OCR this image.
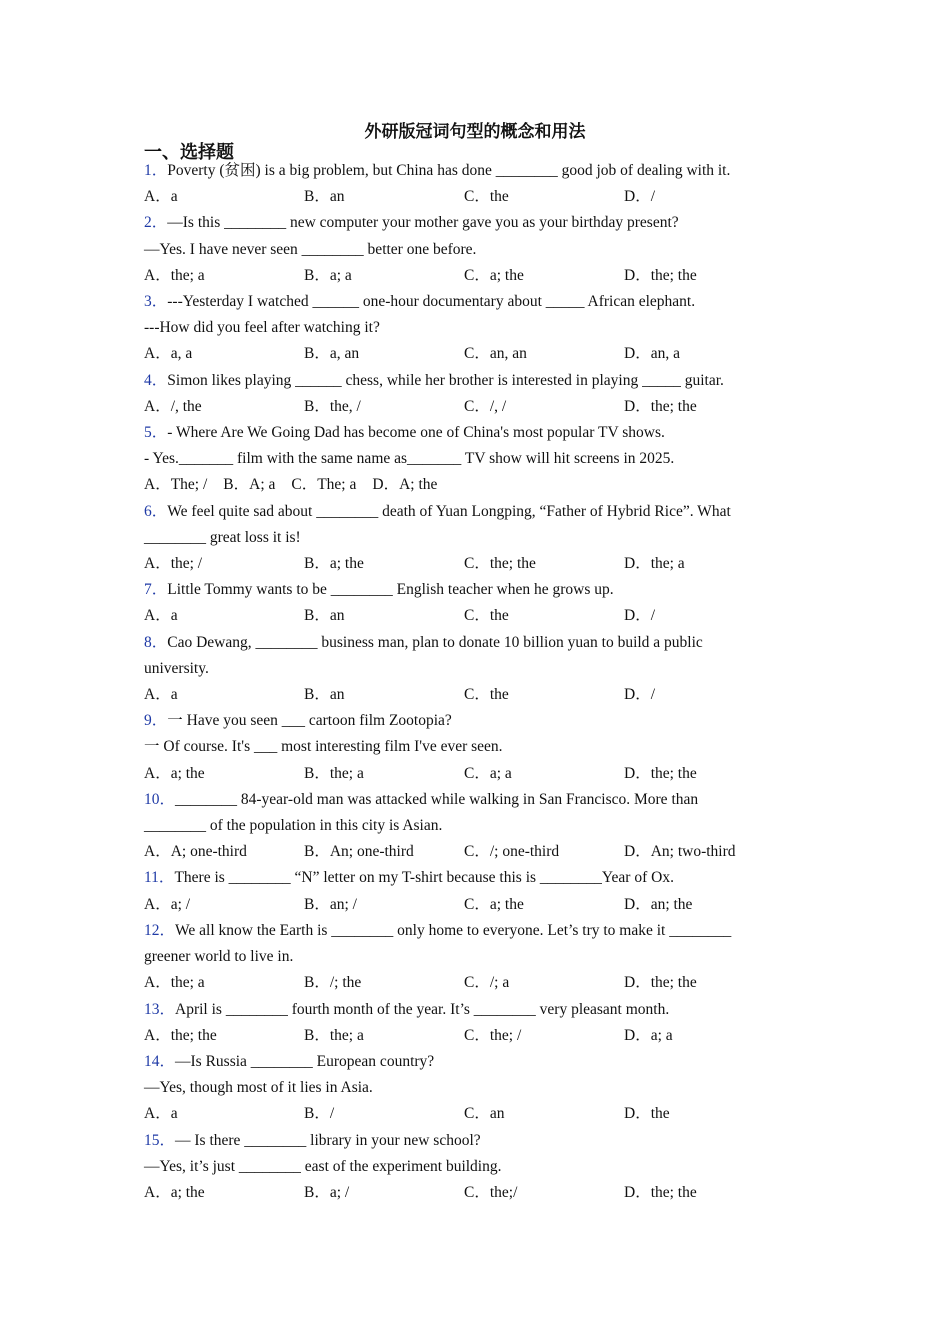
外研版冠词句型的概念和用法
一、选择题
1．Poverty (贫困) is a big problem, but China has done ________ good job of dealing with it.
A．a	B．an	C．the	D．/
2．—Is this ________ new computer your mother gave you as your birthday present?
—Yes. I have never seen ________ better one before.
A．the; a	B．a; a	C．a; the	D．the; the
3．---Yesterday I watched ______ one-hour documentary about _____ African elephant.
---How did you feel after watching it?
A．a, a	B．a, an	C．an, an	D．an, a
4．Simon likes playing ______ chess, while her brother is interested in playing _____ guitar.
A．/, the	B．the, /	C．/, /	D．the; the
5．- Where Are We Going Dad has become one of China's most popular TV shows.
- Yes._______ film with the same name as_______ TV show will hit screens in 2025.
A．The; / B．A; a C．The; a D．A; the
6．We feel quite sad about ________ death of Yuan Longping, “Father of Hybrid Rice”. What
________ great loss it is!
A．the; /	B．a; the	C．the; the	D．the; a
7．Little Tommy wants to be ________ English teacher when he grows up.
A．a	B．an	C．the	D．/
8．Cao Dewang, ________ business man, plan to donate 10 billion yuan to build a public
university.
A．a	B．an	C．the	D．/
9．一 Have you seen ___ cartoon film Zootopia?
一 Of course. It's ___ most interesting film I've ever seen.
A．a; the	B．the; a	C．a; a	D．the; the
10．________ 84-year-old man was attacked while walking in San Francisco. More than
________ of the population in this city is Asian.
A．A; one-third	B．An; one-third	C．/; one-third	D．An; two-third
11．There is ________ “N” letter on my T-shirt because this is ________Year of Ox.
A．a; /	B．an; /	C．a; the	D．an; the
12．We all know the Earth is ________ only home to everyone. Let’s try to make it ________
greener world to live in.
A．the; a	B．/; the	C．/; a	D．the; the
13．April is ________ fourth month of the year. It’s ________ very pleasant month.
A．the; the	B．the; a	C．the; /	D．a; a
14．—Is Russia ________ European country?
—Yes, though most of it lies in Asia.
A．a	B．/	C．an	D．the
15．— Is there ________ library in your new school?
—Yes, it’s just ________ east of the experiment building.
A．a; the	B．a; /	C．the;/	D．the; the
